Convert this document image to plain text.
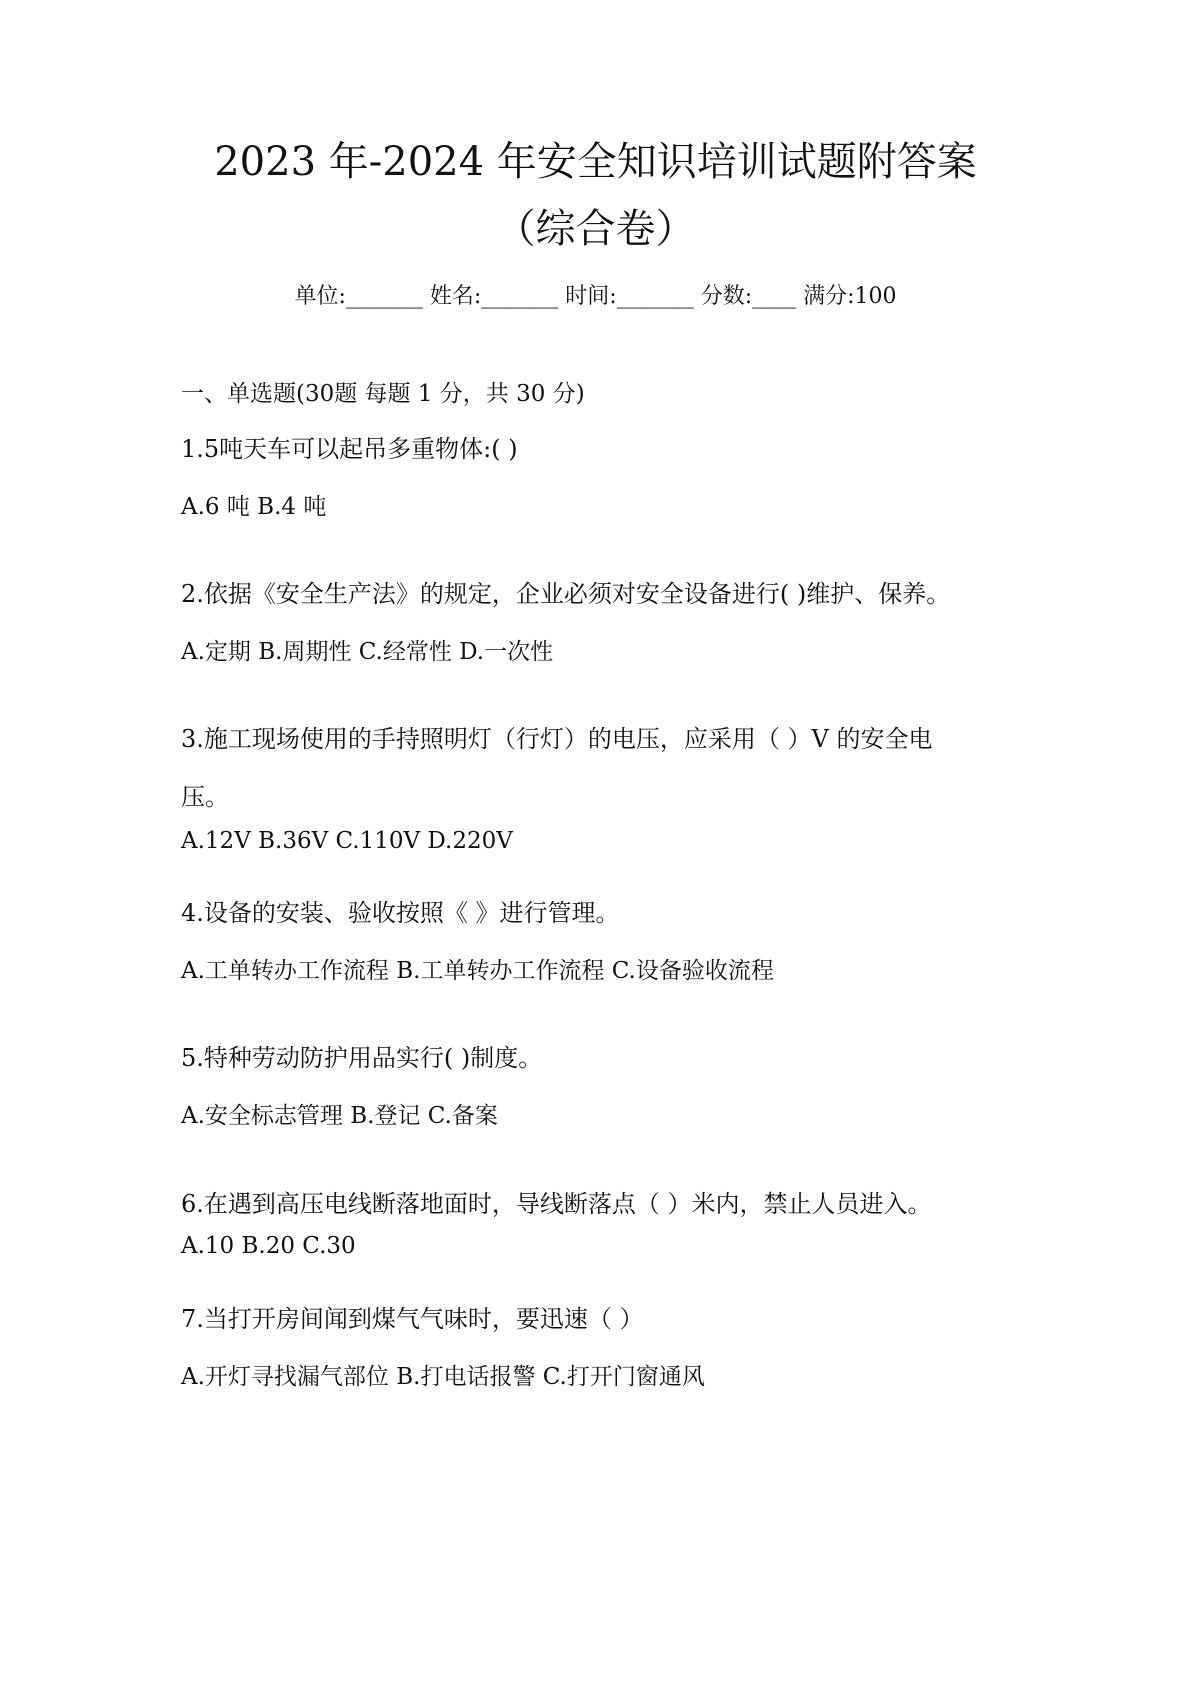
2023 年-2024 年安全知识培训试题附答案
（综合卷）
单位:_______ 姓名:_______ 时间:_______ 分数:____ 满分:100
一、单选题(30题 每题 1 分，共 30 分)
1.5吨天车可以起吊多重物体:( )
A.6 吨 B.4 吨
2.依据《安全生产法》的规定，企业必须对安全设备进行( )维护、保养。
A.定期 B.周期性 C.经常性 D.一次性
3.施工现场使用的手持照明灯（行灯）的电压，应采用（ ）V 的安全电
压。
A.12V B.36V C.110V D.220V
4.设备的安装、验收按照《 》进行管理。
A.工单转办工作流程 B.工单转办工作流程 C.设备验收流程
5.特种劳动防护用品实行( )制度。
A.安全标志管理 B.登记 C.备案
6.在遇到高压电线断落地面时，导线断落点（ ）米内，禁止人员进入。
A.10 B.20 C.30
7.当打开房间闻到煤气气味时，要迅速（ ）
A.开灯寻找漏气部位 B.打电话报警 C.打开门窗通风
